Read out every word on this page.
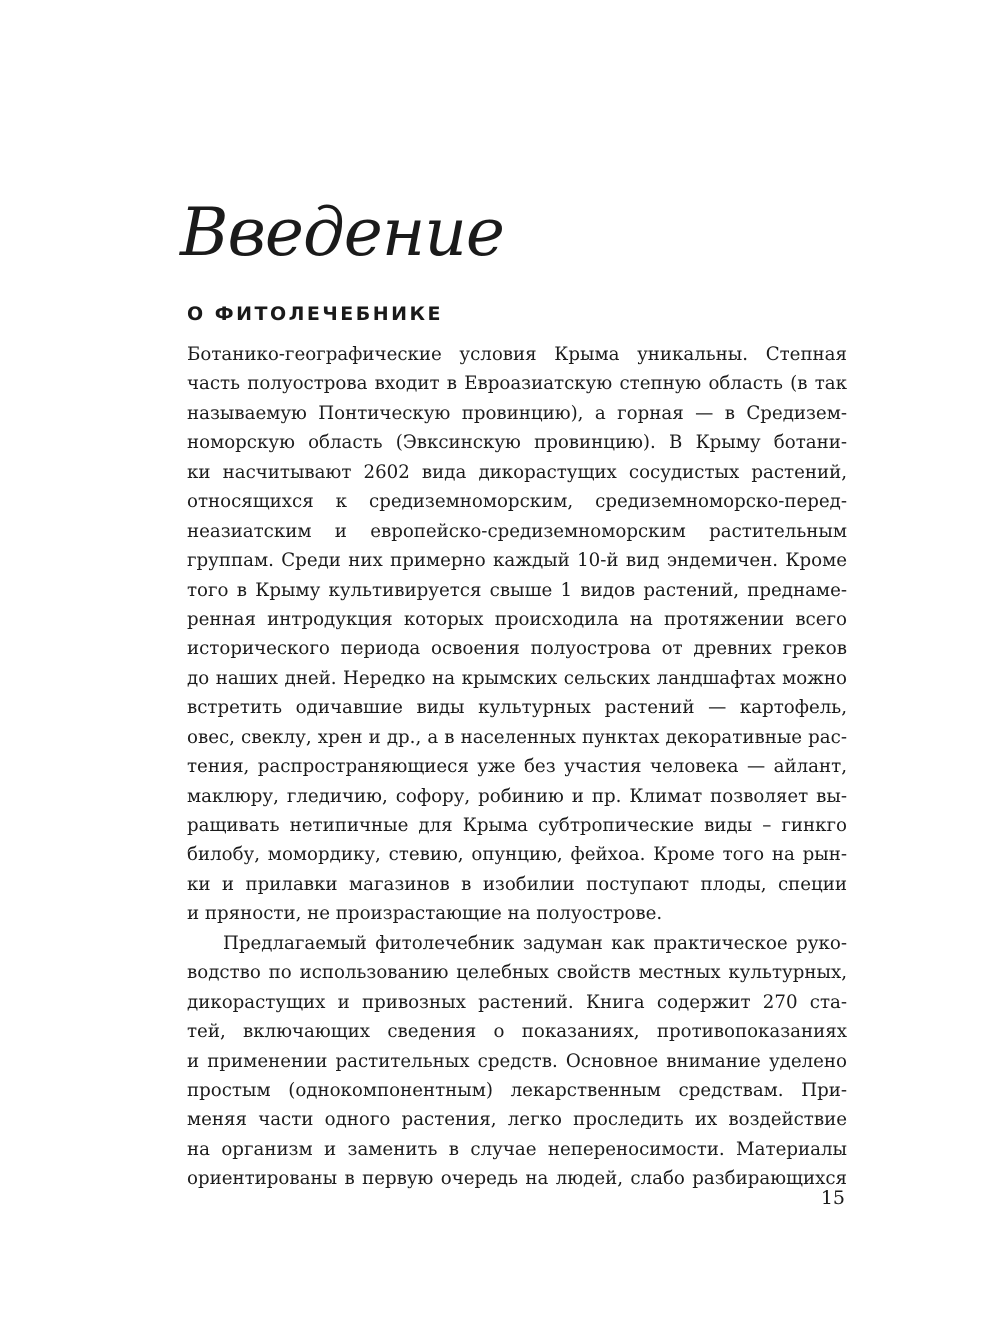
Введение
О ФИТОЛЕЧЕБНИКЕ
Ботанико-географические условия Крыма уникальны. Степная
часть полуострова входит в Евроазиатскую степную область (в так
называемую Понтическую провинцию), а горная — в Средизем-
номорскую область (Эвксинскую провинцию). В Крыму ботани-
ки насчитывают 2602 вида дикорастущих сосудистых растений,
относящихся к средиземноморским, средиземноморско-перед-
неазиатским и европейско-средиземноморским растительным
группам. Среди них примерно каждый 10-й вид эндемичен. Кроме
того в Крыму культивируется свыше 1 видов растений, преднаме-
ренная интродукция которых происходила на протяжении всего
исторического периода освоения полуострова от древних греков
до наших дней. Нередко на крымских сельских ландшафтах можно
встретить одичавшие виды культурных растений — картофель,
овес, свеклу, хрен и др., а в населенных пунктах декоративные рас-
тения, распространяющиеся уже без участия человека — айлант,
маклюру, гледичию, софору, робинию и пр. Климат позволяет вы-
ращивать нетипичные для Крыма субтропические виды – гинкго
билобу, момордику, стевию, опунцию, фейхоа. Кроме того на рын-
ки и прилавки магазинов в изобилии поступают плоды, специи
и пряности, не произрастающие на полуострове.
Предлагаемый фитолечебник задуман как практическое руко-
водство по использованию целебных свойств местных культурных,
дикорастущих и привозных растений. Книга содержит 270 ста-
тей, включающих сведения о показаниях, противопоказаниях
и применении растительных средств. Основное внимание уделено
простым (однокомпонентным) лекарственным средствам. При-
меняя части одного растения, легко проследить их воздействие
на организм и заменить в случае непереносимости. Материалы
ориентированы в первую очередь на людей, слабо разбирающихся
15
